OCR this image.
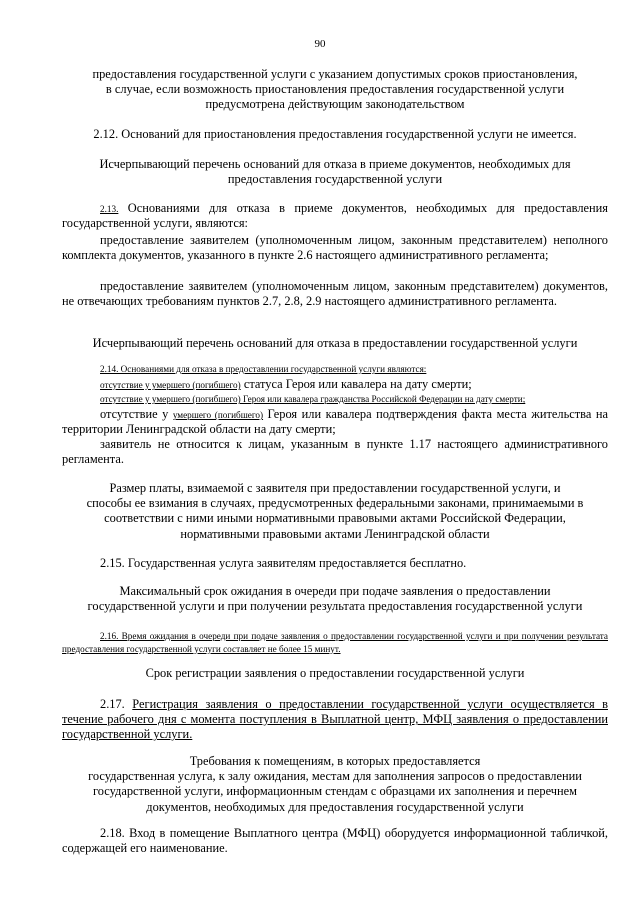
90
предоставления государственной услуги с указанием допустимых сроков приостановления,
в случае, если возможность приостановления предоставления государственной услуги
предусмотрена действующим законодательством
2.12. Оснований для приостановления предоставления государственной услуги не имеется.
Исчерпывающий перечень оснований для отказа в приеме документов, необходимых для предоставления государственной услуги
2.13. Основаниями для отказа в приеме документов, необходимых для предоставления государственной услуги, являются:
предоставление заявителем (уполномоченным лицом, законным представителем) неполного комплекта документов, указанного в пункте 2.6 настоящего административного регламента;
предоставление заявителем (уполномоченным лицом, законным представителем) документов, не отвечающих требованиям пунктов 2.7, 2.8, 2.9 настоящего административного регламента.
Исчерпывающий перечень оснований для отказа в предоставлении государственной услуги
2.14. Основаниями для отказа в предоставлении государственной услуги являются:
отсутствие у умершего (погибшего) статуса Героя или кавалера на дату смерти;
отсутствие у умершего (погибшего) Героя или кавалера гражданства Российской Федерации на дату смерти;
отсутствие у умершего (погибшего) Героя или кавалера подтверждения факта места жительства на территории Ленинградской области на дату смерти;
заявитель не относится к лицам, указанным в пункте 1.17 настоящего административного регламента.
Размер платы, взимаемой с заявителя при предоставлении государственной услуги, и
способы ее взимания в случаях, предусмотренных федеральными законами, принимаемыми в
соответствии с ними иными нормативными правовыми актами Российской Федерации,
нормативными правовыми актами Ленинградской области
2.15. Государственная услуга заявителям предоставляется бесплатно.
Максимальный срок ожидания в очереди при подаче заявления о предоставлении
государственной услуги и при получении результата предоставления государственной услуги
2.16. Время ожидания в очереди при подаче заявления о предоставлении государственной услуги и при получении результата предоставления государственной услуги составляет не более 15 минут.
Срок регистрации заявления о предоставлении государственной услуги
2.17. Регистрация заявления о предоставлении государственной услуги осуществляется в течение рабочего дня с момента поступления в Выплатной центр, МФЦ заявления о предоставлении государственной услуги.
Требования к помещениям, в которых предоставляется
государственная услуга, к залу ожидания, местам для заполнения запросов о предоставлении
государственной услуги, информационным стендам с образцами их заполнения и перечнем
документов, необходимых для предоставления государственной услуги
2.18. Вход в помещение Выплатного центра (МФЦ) оборудуется информационной табличкой, содержащей его наименование.
